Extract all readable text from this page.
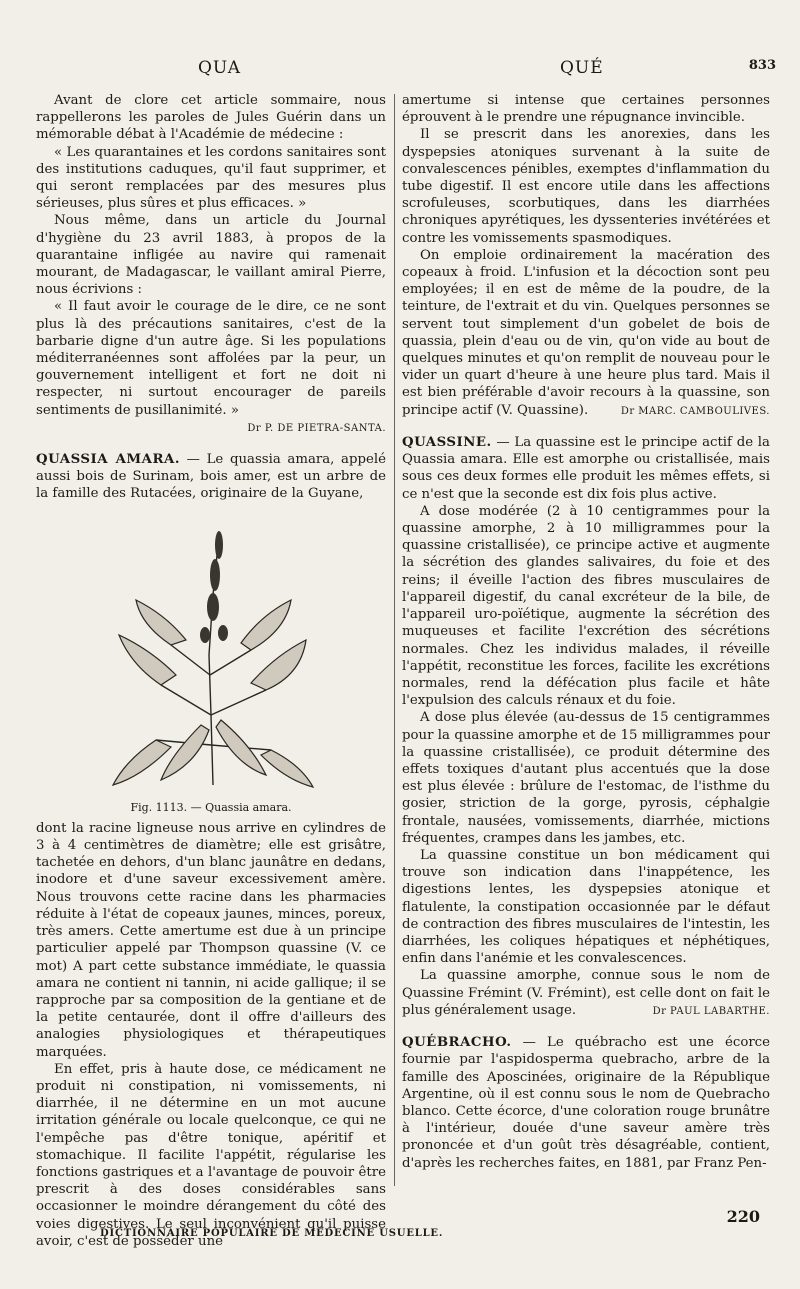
QUA	QUÉ	833

Avant de clore cet article sommaire, nous rappellerons les paroles de Jules Guérin dans un mémorable débat à l'Académie de médecine :

« Les quarantaines et les cordons sanitaires sont des institutions caduques, qu'il faut supprimer, et qui seront remplacées par des mesures plus sérieuses, plus sûres et plus efficaces. »

Nous même, dans un article du Journal d'hygiène du 23 avril 1883, à propos de la quarantaine infligée au navire qui ramenait mourant, de Madagascar, le vaillant amiral Pierre, nous écrivions :

« Il faut avoir le courage de le dire, ce ne sont plus là des précautions sanitaires, c'est de la barbarie digne d'un autre âge. Si les populations méditerranéennes sont affolées par la peur, un gouvernement intelligent et fort ne doit ni respecter, ni surtout encourager de pareils sentiments de pusillanimité. »

Dr P. DE PIETRA-SANTA.

QUASSIA AMARA. — Le quassia amara, appelé aussi bois de Surinam, bois amer, est un arbre de la famille des Rutacées, originaire de la Guyane,

Fig. 1113. — Quassia amara.

dont la racine ligneuse nous arrive en cylindres de 3 à 4 centimètres de diamètre; elle est grisâtre, tachetée en dehors, d'un blanc jaunâtre en dedans, inodore et d'une saveur excessivement amère. Nous trouvons cette racine dans les pharmacies réduite à l'état de copeaux jaunes, minces, poreux, très amers. Cette amertume est due à un principe particulier appelé par Thompson quassine (V. ce mot) A part cette substance immédiate, le quassia amara ne contient ni tannin, ni acide gallique; il se rapproche par sa composition de la gentiane et de la petite centaurée, dont il offre d'ailleurs des analogies physiologiques et thérapeutiques marquées.

En effet, pris à haute dose, ce médicament ne produit ni constipation, ni vomissements, ni diarrhée, il ne détermine en un mot aucune irritation générale ou locale quelconque, ce qui ne l'empêche pas d'être tonique, apéritif et stomachique. Il facilite l'appétit, régularise les fonctions gastriques et a l'avantage de pouvoir être prescrit à des doses considérables sans occasionner le moindre dérangement du côté des voies digestives. Le seul inconvénient qu'il puisse avoir, c'est de posséder une

amertume si intense que certaines personnes éprouvent à le prendre une répugnance invincible.

Il se prescrit dans les anorexies, dans les dyspepsies atoniques survenant à la suite de convalescences pénibles, exemptes d'inflammation du tube digestif. Il est encore utile dans les affections scrofuleuses, scorbutiques, dans les diarrhées chroniques apyrétiques, les dyssenteries invétérées et contre les vomissements spasmodiques.

On emploie ordinairement la macération des copeaux à froid. L'infusion et la décoction sont peu employées; il en est de même de la poudre, de la teinture, de l'extrait et du vin. Quelques personnes se servent tout simplement d'un gobelet de bois de quassia, plein d'eau ou de vin, qu'on vide au bout de quelques minutes et qu'on remplit de nouveau pour le vider un quart d'heure à une heure plus tard. Mais il est bien préférable d'avoir recours à la quassine, son principe actif (V. Quassine).	Dr MARC. CAMBOULIVES.

QUASSINE. — La quassine est le principe actif de la Quassia amara. Elle est amorphe ou cristallisée, mais sous ces deux formes elle produit les mêmes effets, si ce n'est que la seconde est dix fois plus active.

A dose modérée (2 à 10 centigrammes pour la quassine amorphe, 2 à 10 milligrammes pour la quassine cristallisée), ce principe active et augmente la sécrétion des glandes salivaires, du foie et des reins; il éveille l'action des fibres musculaires de l'appareil digestif, du canal excréteur de la bile, de l'appareil uro-poïétique, augmente la sécrétion des muqueuses et facilite l'excrétion des sécrétions normales. Chez les individus malades, il réveille l'appétit, reconstitue les forces, facilite les excrétions normales, rend la défécation plus facile et hâte l'expulsion des calculs rénaux et du foie.

A dose plus élevée (au-dessus de 15 centigrammes pour la quassine amorphe et de 15 milligrammes pour la quassine cristallisée), ce produit détermine des effets toxiques d'autant plus accentués que la dose est plus élevée : brûlure de l'estomac, de l'isthme du gosier, striction de la gorge, pyrosis, céphalgie frontale, nausées, vomissements, diarrhée, mictions fréquentes, crampes dans les jambes, etc.

La quassine constitue un bon médicament qui trouve son indication dans l'inappétence, les digestions lentes, les dyspepsies atonique et flatulente, la constipation occasionnée par le défaut de contraction des fibres musculaires de l'intestin, les diarrhées, les coliques hépatiques et néphétiques, enfin dans l'anémie et les convalescences.

La quassine amorphe, connue sous le nom de Quassine Frémint (V. Frémint), est celle dont on fait le plus généralement usage.	Dr PAUL LABARTHE.

QUÉBRACHO. — Le québracho est une écorce fournie par l'aspidosperma quebracho, arbre de la famille des Aposcinées, originaire de la République Argentine, où il est connu sous le nom de Quebracho blanco. Cette écorce, d'une coloration rouge brunâtre à l'intérieur, douée d'une saveur amère très prononcée et d'un goût très désagréable, contient, d'après les recherches faites, en 1881, par Franz Pen-

220
DICTIONNAIRE POPULAIRE DE MÉDECINE USUELLE.
